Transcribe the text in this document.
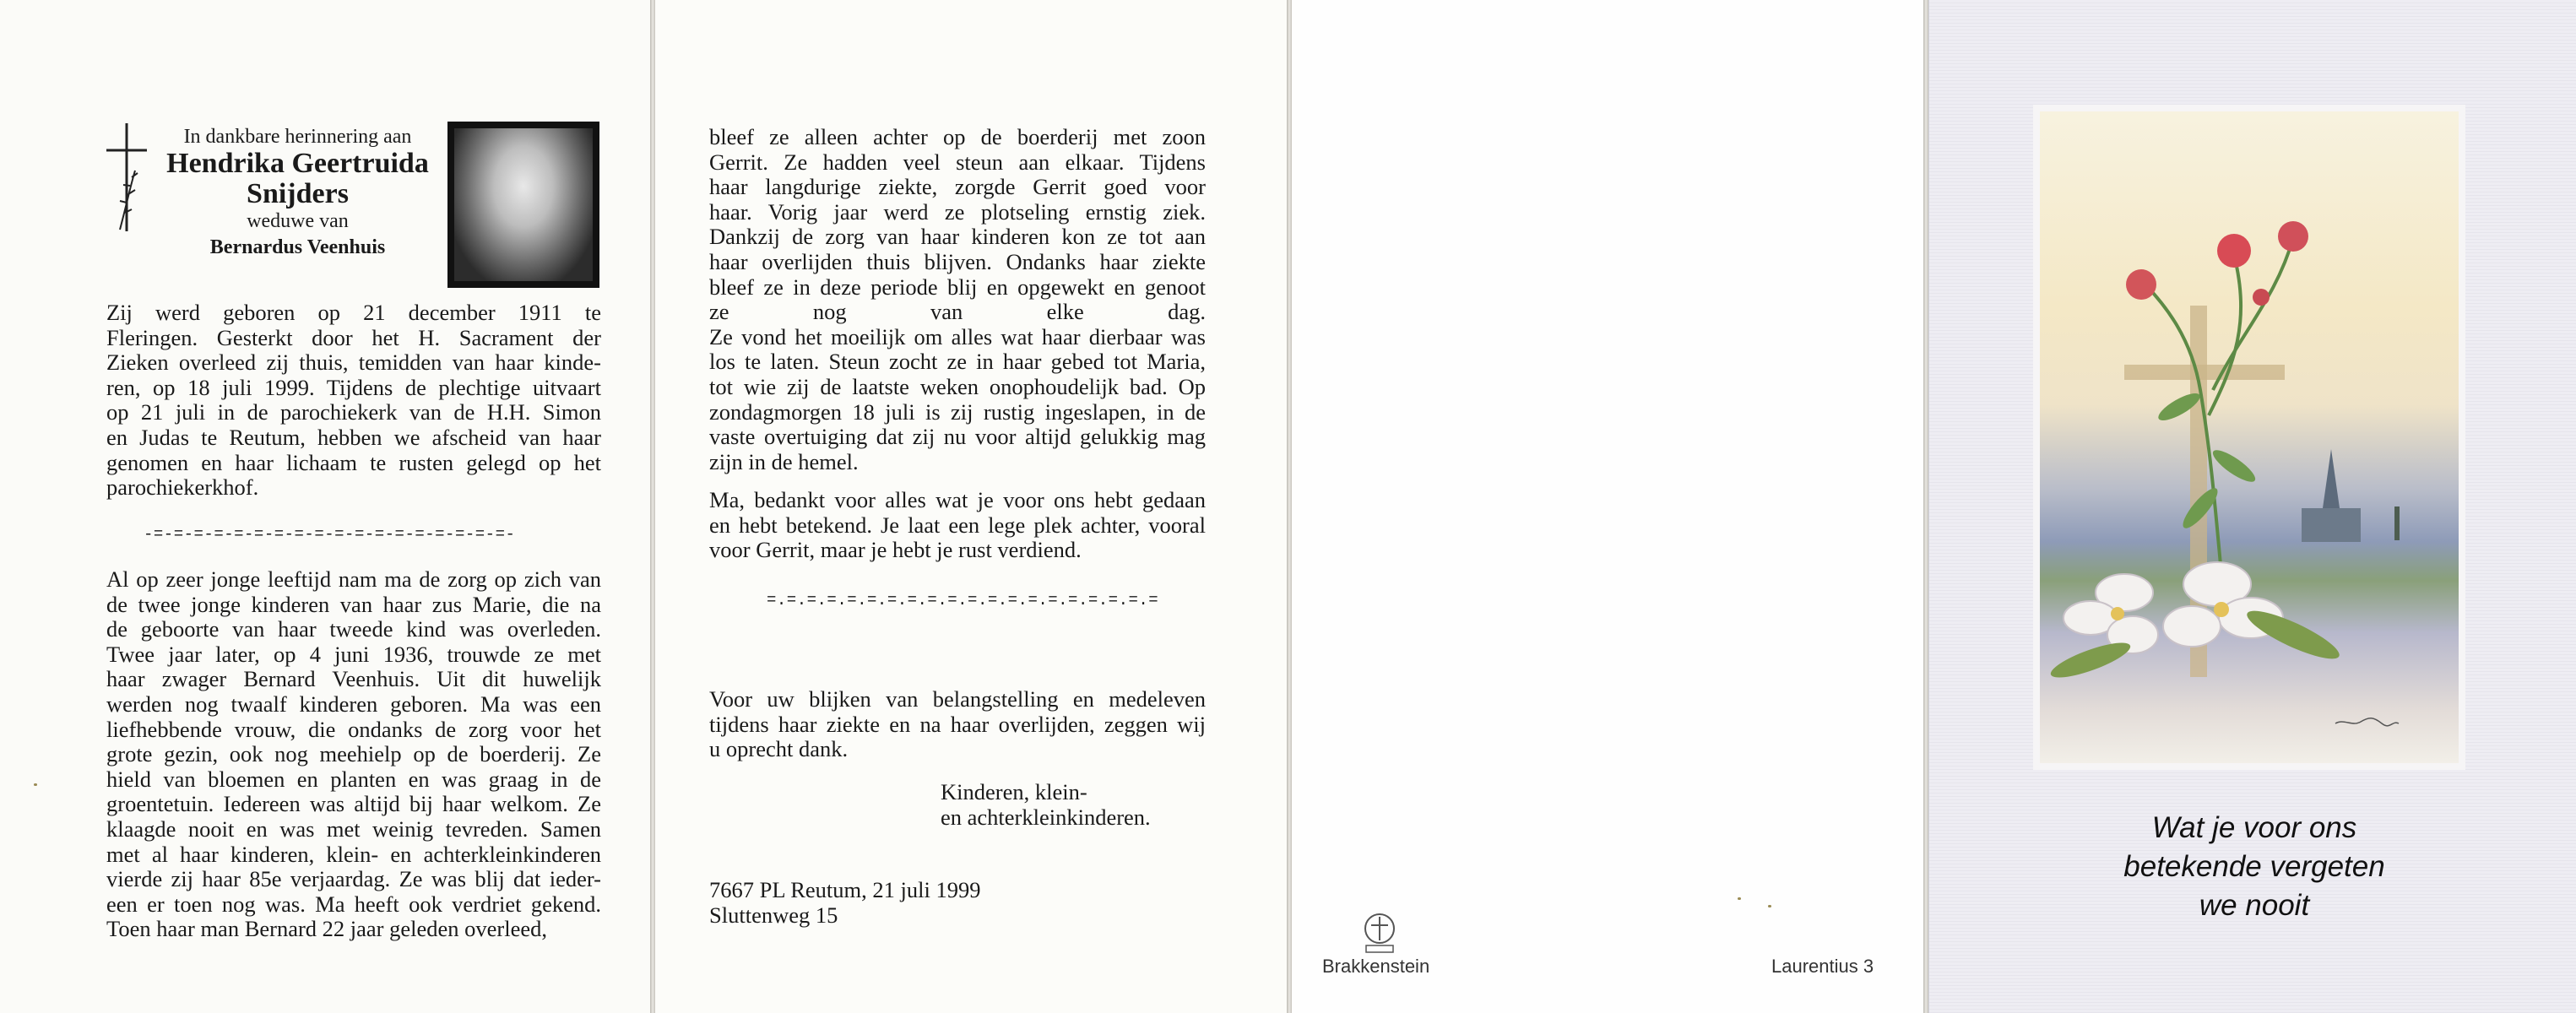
In dankbare herinnering aan
Hendrika Geertruida
Snijders
weduwe van
Bernardus Veenhuis

Zij werd geboren op 21 december 1911 te

Fleringen. Gesterkt door het H. Sacrament der

Zieken overleed zij thuis, temidden van haar kinde-

ren, op 18 juli 1999. Tijdens de plechtige uitvaart

op 21 juli in de parochiekerk van de H.H. Simon

en Judas te Reutum, hebben we afscheid van haar

genomen en haar lichaam te rusten gelegd op het

parochiekerkhof.

-=-=-=-=-=-=-=-=-=-=-=-=-=-=-=-=-=-=-

Al op zeer jonge leeftijd nam ma de zorg op zich van

de twee jonge kinderen van haar zus Marie, die na

de geboorte van haar tweede kind was overleden.

Twee jaar later, op 4 juni 1936, trouwde ze met

haar zwager Bernard Veenhuis. Uit dit huwelijk

werden nog twaalf kinderen geboren. Ma was een

liefhebbende vrouw, die ondanks de zorg voor het

grote gezin, ook nog meehielp op de boerderij. Ze

hield van bloemen en planten en was graag in de

groentetuin. Iedereen was altijd bij haar welkom. Ze

klaagde nooit en was met weinig tevreden. Samen

met al haar kinderen, klein- en achterkleinkinderen

vierde zij haar 85e verjaardag. Ze was blij dat ieder-

een er toen nog was. Ma heeft ook verdriet gekend.

Toen haar man Bernard 22 jaar geleden overleed,

bleef ze alleen achter op de boerderij met zoon

Gerrit. Ze hadden veel steun aan elkaar. Tijdens

haar langdurige ziekte, zorgde Gerrit goed voor

haar. Vorig jaar werd ze plotseling ernstig ziek.

Dankzij de zorg van haar kinderen kon ze tot aan

haar overlijden thuis blijven. Ondanks haar ziekte

bleef ze in deze periode blij en opgewekt en genoot

ze nog van elke dag.

Ze vond het moeilijk om alles wat haar dierbaar was

los te laten. Steun zocht ze in haar gebed tot Maria,

tot wie zij de laatste weken onophoudelijk bad. Op

zondagmorgen 18 juli is zij rustig ingeslapen, in de

vaste overtuiging dat zij nu voor altijd gelukkig mag

zijn in de hemel.

Ma, bedankt voor alles wat je voor ons hebt gedaan

en hebt betekend. Je laat een lege plek achter, vooral

voor Gerrit, maar je hebt je rust verdiend.

=.=.=.=.=.=.=.=.=.=.=.=.=.=.=.=.=.=.=.=

Voor uw blijken van belangstelling en medeleven

tijdens haar ziekte en na haar overlijden, zeggen wij

u oprecht dank.

Kinderen, klein-

en achterkleinkinderen.

7667 PL Reutum, 21 juli 1999

Sluttenweg 15

Brakkenstein	Laurentius 3
Wat je voor ons
betekende vergeten
we nooit
